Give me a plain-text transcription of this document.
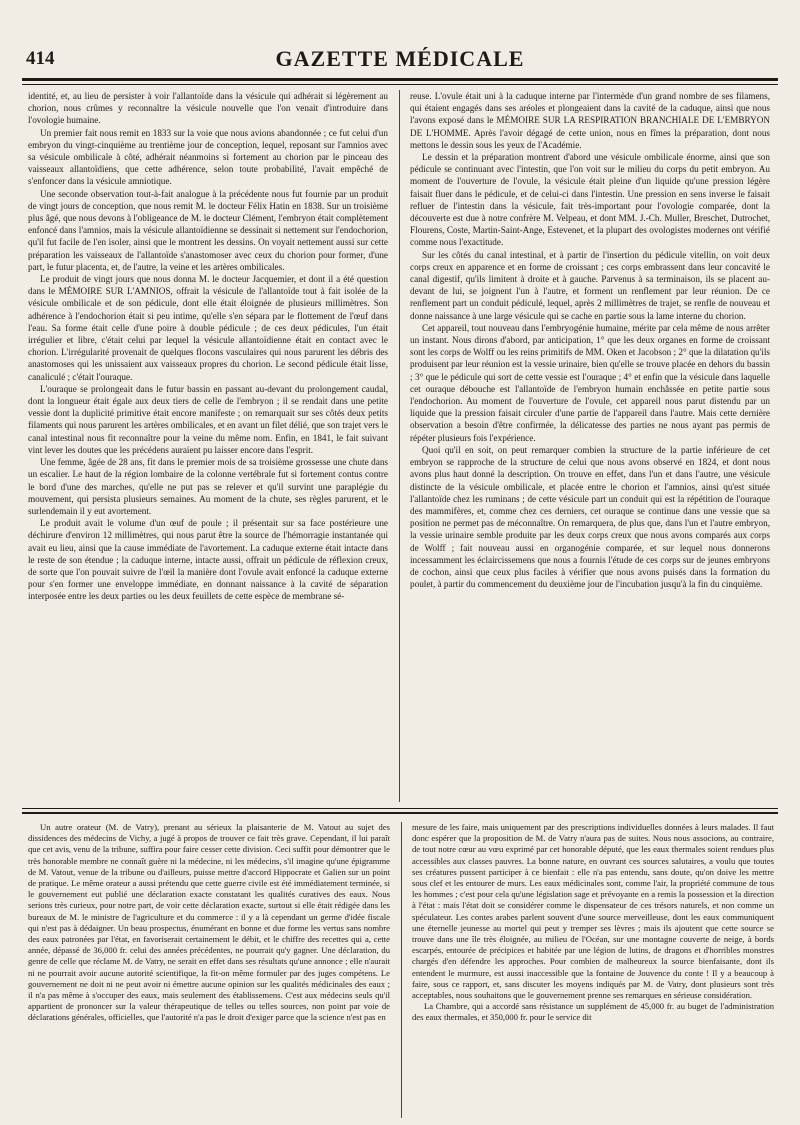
414	GAZETTE MÉDICALE

identité, et, au lieu de persister à voir l'allantoïde dans la vésicule qui adhérait si légèrement au chorion, nous crûmes y reconnaître la vésicule nouvelle que l'on venait d'introduire dans l'ovologie humaine.

Un premier fait nous remit en 1833 sur la voie que nous avions abandonnée ; ce fut celui d'un embryon du vingt-cinquième au trentième jour de conception, lequel, reposant sur l'amnios avec sa vésicule ombilicale à côté, adhérait néanmoins si fortement au chorion par le pinceau des vaisseaux allantoïdiens, que cette adhérence, selon toute probabilité, l'avait empêché de s'enfoncer dans la vésicule amniotique.

Une seconde observation tout-à-fait analogue à la précédente nous fut fournie par un produit de vingt jours de conception, que nous remit M. le docteur Félix Hatin en 1838. Sur un troisième plus âgé, que nous devons à l'obligeance de M. le docteur Clément, l'embryon était complètement enfoncé dans l'amnios, mais la vésicule allantoïdienne se dessinait si nettement sur l'endochorion, qu'il fut facile de l'en isoler, ainsi que le montrent les dessins. On voyait nettement aussi sur cette préparation les vaisseaux de l'allantoïde s'anastomoser avec ceux du chorion pour former, d'une part, le futur placenta, et, de l'autre, la veine et les artères ombilicales.

Le produit de vingt jours que nous donna M. le docteur Jacquemier, et dont il a été question dans le MÉMOIRE SUR L'AMNIOS, offrait la vésicule de l'allantoïde tout à fait isolée de la vésicule ombilicale et de son pédicule, dont elle était éloignée de plusieurs millimètres. Son adhérence à l'endochorion était si peu intime, qu'elle s'en sépara par le flottement de l'œuf dans l'eau. Sa forme était celle d'une poire à double pédicule ; de ces deux pédicules, l'un était irrégulier et libre, c'était celui par lequel la vésicule allantoïdienne était en contact avec le chorion. L'irrégularité provenait de quelques flocons vasculaires qui nous parurent les débris des anastomoses qui les unissaient aux vaisseaux propres du chorion. Le second pédicule était lisse, canaliculé ; c'était l'ouraque.

L'ouraque se prolongeait dans le futur bassin en passant au-devant du prolongement caudal, dont la longueur était égale aux deux tiers de celle de l'embryon ; il se rendait dans une petite vessie dont la duplicité primitive était encore manifeste ; on remarquait sur ses côtés deux petits filaments qui nous parurent les artères ombilicales, et en avant un filet délié, que son trajet vers le canal intestinal nous fit reconnaître pour la veine du même nom. Enfin, en 1841, le fait suivant vint lever les doutes que les précédens auraient pu laisser encore dans l'esprit.

Une femme, âgée de 28 ans, fit dans le premier mois de sa troisième grossesse une chute dans un escalier. Le haut de la région lombaire de la colonne vertébrale fut si fortement contus contre le bord d'une des marches, qu'elle ne put pas se relever et qu'il survint une paraplégie du mouvement, qui persista plusieurs semaines. Au moment de la chute, ses règles parurent, et le surlendemain il y eut avortement.

Le produit avait le volume d'un œuf de poule ; il présentait sur sa face postérieure une déchirure d'environ 12 millimètres, qui nous parut être la source de l'hémorragie instantanée qui avait eu lieu, ainsi que la cause immédiate de l'avortement. La caduque externe était intacte dans le reste de son étendue ; la caduque interne, intacte aussi, offrait un pédicule de réflexion creux, de sorte que l'on pouvait suivre de l'œil la manière dont l'ovule avait enfoncé la caduque externe pour s'en former une enveloppe immédiate, en donnant naissance à la cavité de séparation interposée entre les deux parties ou les deux feuillets de cette espèce de membrane sé-

reuse. L'ovule était uni à la caduque interne par l'intermède d'un grand nombre de ses filamens, qui étaient engagés dans ses aréoles et plongeaient dans la cavité de la caduque, ainsi que nous l'avons exposé dans le MÉMOIRE SUR LA RESPIRATION BRANCHIALE DE L'EMBRYON DE L'HOMME. Après l'avoir dégagé de cette union, nous en fîmes la préparation, dont nous mettons le dessin sous les yeux de l'Académie.

Le dessin et la préparation montrent d'abord une vésicule ombilicale énorme, ainsi que son pédicule se continuant avec l'intestin, que l'on voit sur le milieu du corps du petit embryon. Au moment de l'ouverture de l'ovule, la vésicule était pleine d'un liquide qu'une pression légère faisait fluer dans le pédicule, et de celui-ci dans l'intestin. Une pression en sens inverse le faisait refluer de l'intestin dans la vésicule, fait très-important pour l'ovologie comparée, dont la découverte est due à notre confrère M. Velpeau, et dont MM. J.-Ch. Muller, Breschet, Dutrochet, Flourens, Coste, Martin-Saint-Ange, Estevenet, et la plupart des ovologistes modernes ont vérifié comme nous l'exactitude.

Sur les côtés du canal intestinal, et à partir de l'insertion du pédicule vitellin, on voit deux corps creux en apparence et en forme de croissant ; ces corps embrassent dans leur concavité le canal digestif, qu'ils limitent à droite et à gauche. Parvenus à sa terminaison, ils se placent au-devant de lui, se joignent l'un à l'autre, et forment un renflement par leur réunion. De ce renflement part un conduit pédiculé, lequel, après 2 millimètres de trajet, se renfle de nouveau et donne naissance à une large vésicule qui se cache en partie sous la lame interne du chorion.

Cet appareil, tout nouveau dans l'embryogénie humaine, mérite par cela même de nous arrêter un instant. Nous dirons d'abord, par anticipation, 1° que les deux organes en forme de croissant sont les corps de Wolff ou les reins primitifs de MM. Oken et Jacobson ; 2° que la dilatation qu'ils produisent par leur réunion est la vessie urinaire, bien qu'elle se trouve placée en dehors du bassin ; 3° que le pédicule qui sort de cette vessie est l'ouraque ; 4° et enfin que la vésicule dans laquelle cet ouraque débouche est l'allantoïde de l'embryon humain enchâssée en petite partie sous l'endochorion. Au moment de l'ouverture de l'ovule, cet appareil nous parut distendu par un liquide que la pression faisait circuler d'une partie de l'appareil dans l'autre. Mais cette dernière observation a besoin d'être confirmée, la délicatesse des parties ne nous ayant pas permis de répéter plusieurs fois l'expérience.

Quoi qu'il en soit, on peut remarquer combien la structure de la partie inférieure de cet embryon se rapproche de la structure de celui que nous avons observé en 1824, et dont nous avons plus haut donné la description. On trouve en effet, dans l'un et dans l'autre, une vésicule distincte de la vésicule ombilicale, et placée entre le chorion et l'amnios, ainsi qu'est située l'allantoïde chez les ruminans ; de cette vésicule part un conduit qui est la répétition de l'ouraque des mammifères, et, comme chez ces derniers, cet ouraque se continue dans une vessie que sa position ne permet pas de méconnaître. On remarquera, de plus que, dans l'un et l'autre embryon, la vessie urinaire semble produite par les deux corps creux que nous avons comparés aux corps de Wolff ; fait nouveau aussi en organogénie comparée, et sur lequel nous donnerons incessamment les éclaircissemens que nous a fournis l'étude de ces corps sur de jeunes embryons de cochon, ainsi que ceux plus faciles à vérifier que nous avons puisés dans la formation du poulet, à partir du commencement du deuxième jour de l'incubation jusqu'à la fin du cinquième.

Un autre orateur (M. de Vatry), prenant au sérieux la plaisanterie de M. Vatout au sujet des dissidences des médecins de Vichy, a jugé à propos de trouver ce fait très grave. Cependant, il lui paraît que cet avis, venu de la tribune, suffira pour faire cesser cette division. Ceci suffit pour démontrer que le très honorable membre ne connaît guère ni la médecine, ni les médecins, s'il imagine qu'une épigramme de M. Vatout, venue de la tribune ou d'ailleurs, puisse mettre d'accord Hippocrate et Galien sur un point de pratique. Le même orateur a aussi prétendu que cette guerre civile est été immédiatement terminée, si le gouvernement eut publié une déclaration exacte constatant les qualités curatives des eaux. Nous serions très curieux, pour notre part, de voir cette déclaration exacte, surtout si elle était rédigée dans les bureaux de M. le ministre de l'agriculture et du commerce : il y a là cependant un germe d'idée fiscale qui n'est pas à dédaigner. Un beau prospectus, énumérant en bonne et due forme les vertus sans nombre des eaux patronées par l'état, en favoriserait certainement le débit, et le chiffre des recettes qui a, cette année, dépassé de 36,000 fr. celui des années précédentes, ne pourrait qu'y gagner. Une déclaration, du genre de celle que réclame M. de Vatry, ne serait en effet dans ses résultats qu'une annonce ; elle n'aurait ni ne pourrait avoir aucune autorité scientifique, la fit-on même formuler par des juges compétens. Le gouvernement ne doit ni ne peut avoir ni émettre aucune opinion sur les qualités médicinales des eaux ; il n'a pas même à s'occuper des eaux, mais seulement des établissemens. C'est aux médecins seuls qu'il appartient de prononcer sur la valeur thérapeutique de telles ou telles sources, non point par voie de déclarations générales, officielles, que l'autorité n'a pas le droit d'exiger parce que la science n'est pas en

mesure de les faire, mais uniquement par des prescriptions individuelles données à leurs malades. Il faut donc espérer que la proposition de M. de Vatry n'aura pas de suites. Nous nous associons, au contraire, de tout notre cœur au vœu exprimé par cet honorable député, que les eaux thermales soient rendues plus accessibles aux classes pauvres. La bonne nature, en ouvrant ces sources salutaires, a voulu que toutes ses créatures pussent participer à ce bienfait : elle n'a pas entendu, sans doute, qu'on doive les mettre sous clef et les entourer de murs. Les eaux médicinales sont, comme l'air, la propriété commune de tous les hommes ; c'est pour cela qu'une législation sage et prévoyante en a remis la possession et la direction à l'état : mais l'état doit se considérer comme le dispensateur de ces trésors naturels, et non comme un spéculateur. Les contes arabes parlent souvent d'une source merveilleuse, dont les eaux communiquent une éternelle jeunesse au mortel qui peut y tremper ses lèvres ; mais ils ajoutent que cette source se trouve dans une île très éloignée, au milieu de l'Océan, sur une montagne couverte de neige, à bords escarpés, entourée de précipices et habitée par une légion de lutins, de dragons et d'horribles monstres chargés d'en défendre les approches. Pour combien de malheureux la source bienfaisante, dont ils entendent le murmure, est aussi inaccessible que la fontaine de Jouvence du conte ! Il y a beaucoup à faire, sous ce rapport, et, sans discuter les moyens indiqués par M. de Vatry, dont plusieurs sont très acceptables, nous souhaitons que le gouvernement prenne ses remarques en sérieuse considération.

La Chambre, qui a accordé sans résistance un supplément de 45,000 fr. au buget de l'administration des eaux thermales, et 350,000 fr. pour le service dit
